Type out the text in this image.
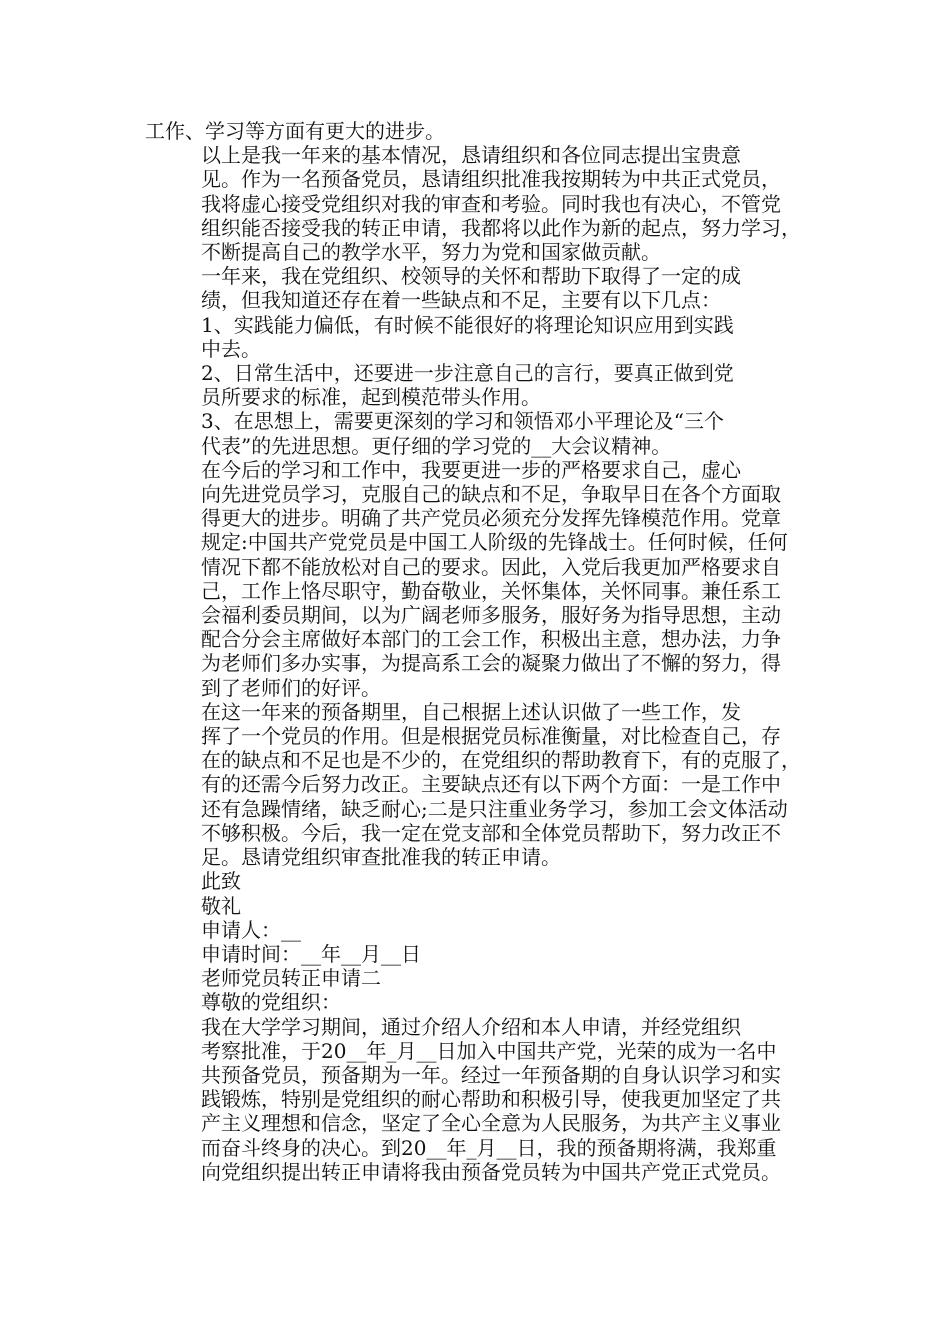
工作、学习等方面有更大的进步。
以上是我一年来的基本情况，恳请组织和各位同志提出宝贵意
见。作为一名预备党员，恳请组织批准我按期转为中共正式党员，
我将虚心接受党组织对我的审查和考验。同时我也有决心，不管党
组织能否接受我的转正申请，我都将以此作为新的起点，努力学习，
不断提高自己的教学水平，努力为党和国家做贡献。
一年来，我在党组织、校领导的关怀和帮助下取得了一定的成
绩，但我知道还存在着一些缺点和不足，主要有以下几点：
1、实践能力偏低，有时候不能很好的将理论知识应用到实践
中去。
2、日常生活中，还要进一步注意自己的言行，要真正做到党
员所要求的标准，起到模范带头作用。
3、在思想上，需要更深刻的学习和领悟邓小平理论及“三个
代表”的先进思想。更仔细的学习党的__大会议精神。
在今后的学习和工作中，我要更进一步的严格要求自己，虚心
向先进党员学习，克服自己的缺点和不足，争取早日在各个方面取
得更大的进步。明确了共产党员必须充分发挥先锋模范作用。党章
规定:中国共产党党员是中国工人阶级的先锋战士。任何时候，任何
情况下都不能放松对自己的要求。因此，入党后我更加严格要求自
己，工作上恪尽职守，勤奋敬业，关怀集体，关怀同事。兼任系工
会福利委员期间，以为广阔老师多服务，服好务为指导思想，主动
配合分会主席做好本部门的工会工作，积极出主意，想办法，力争
为老师们多办实事，为提高系工会的凝聚力做出了不懈的努力，得
到了老师们的好评。
在这一年来的预备期里，自己根据上述认识做了一些工作，发
挥了一个党员的作用。但是根据党员标准衡量，对比检查自己，存
在的缺点和不足也是不少的，在党组织的帮助教育下，有的克服了，
有的还需今后努力改正。主要缺点还有以下两个方面：一是工作中
还有急躁情绪，缺乏耐心;二是只注重业务学习，参加工会文体活动
不够积极。今后，我一定在党支部和全体党员帮助下，努力改正不
足。恳请党组织审查批准我的转正申请。
此致
敬礼
申请人：__
申请时间：__年__月__日
老师党员转正申请二
尊敬的党组织：
我在大学学习期间，通过介绍人介绍和本人申请，并经党组织
考察批准，于20__年_月__日加入中国共产党，光荣的成为一名中
共预备党员，预备期为一年。经过一年预备期的自身认识学习和实
践锻炼，特别是党组织的耐心帮助和积极引导，使我更加坚定了共
产主义理想和信念，坚定了全心全意为人民服务，为共产主义事业
而奋斗终身的决心。到20__年_月__日，我的预备期将满，我郑重
向党组织提出转正申请将我由预备党员转为中国共产党正式党员。
